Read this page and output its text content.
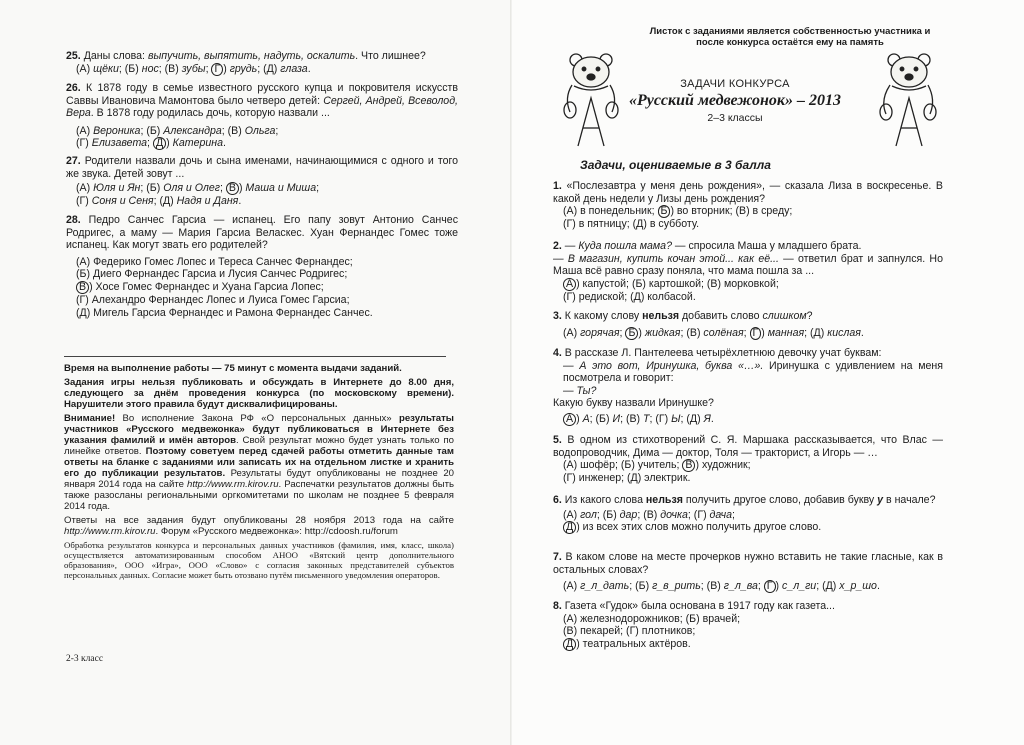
25. Даны слова: выпучить, выпятить, надуть, оскалить. Что лишнее?

(А) щёки; (Б) нос; (В) зубы; Г ) грудь; (Д) глаза.

26. К 1878 году в семье известного русского купца и покровителя искусств Саввы Ивановича Мамонтова было четверо детей: Сергей, Андрей, Всеволод, Вера. В 1878 году родилась дочь, которую назвали ...

(А) Вероника; (Б) Александра; (В) Ольга;

(Г) Елизавета; Д ) Катерина.

27. Родители назвали дочь и сына именами, начинающимися с одного и того же звука. Детей зовут ...

(А) Юля и Ян; (Б) Оля и Олег; В ) Маша и Миша;

(Г) Соня и Сеня; (Д) Надя и Даня.

28. Педро Санчес Гарсиа — испанец. Его папу зовут Антонио Санчес Родригес, а маму — Мария Гарсиа Веласкес. Хуан Фернандес Гомес тоже испанец. Как могут звать его родителей?

(А) Федерико Гомес Лопес и Тереса Санчес Фернандес;

(Б) Диего Фернандес Гарсиа и Лусия Санчес Родригес;

В ) Хосе Гомес Фернандес и Хуана Гарсиа Лопес;

(Г) Алехандро Фернандес Лопес и Луиса Гомес Гарсиа;

(Д) Мигель Гарсиа Фернандес и Рамона Фернандес Санчес.

Время на выполнение работы — 75 минут с момента выдачи заданий.

Задания игры нельзя публиковать и обсуждать в Интернете до 8.00 дня, следующего за днём проведения конкурса (по московскому времени). Нарушители этого правила будут дисквалифицированы.

Внимание! Во исполнение Закона РФ «О персональных данных» результаты участников «Русского медвежонка» будут публиковаться в Интернете без указания фамилий и имён авторов. Свой результат можно будет узнать только по линейке ответов. Поэтому советуем перед сдачей работы отметить данные там ответы на бланке с заданиями или записать их на отдельном листке и хранить его до публикации результатов. Результаты будут опубликованы не позднее 20 января 2014 года на сайте http://www.rm.kirov.ru. Распечатки результатов должны быть также разосланы региональными оргкомитетами по школам не позднее 5 февраля 2014 года.

Ответы на все задания будут опубликованы 28 ноября 2013 года на сайте http://www.rm.kirov.ru. Форум «Русского медвежонка»: http://cdoosh.ru/forum

Обработка результатов конкурса и персональных данных участников (фамилия, имя, класс, школа) осуществляется автоматизированным способом АНОО «Вятский центр дополнительного образования», ООО «Игра», ООО «Слово» с согласия законных представителей субъектов персональных данных. Согласие может быть отозвано путём письменного уведомления операторов.

2-3 класс
Листок с заданиями является собственностью участника и после конкурса остаётся ему на память
ЗАДАЧИ КОНКУРСА
«Русский медвежонок» – 2013
2–3 классы
Задачи, оцениваемые в 3 балла

1. «Послезавтра у меня день рождения», — сказала Лиза в воскресенье. В какой день недели у Лизы день рождения?

(А) в понедельник; Б ) во вторник; (В) в среду;

(Г) в пятницу; (Д) в субботу.

2. — Куда пошла мама? — спросила Маша у младшего брата.

— В магазин, купить кочан этой... как её... — ответил брат и запнулся. Но Маша всё равно сразу поняла, что мама пошла за ...

А ) капустой; (Б) картошкой; (В) морковкой;

(Г) редиской; (Д) колбасой.

3. К какому слову нельзя добавить слово слишком?

(А) горячая; Б ) жидкая; (В) солёная; Г ) манная; (Д) кислая.

4. В рассказе Л. Пантелеева четырёхлетнюю девочку учат буквам:

— А это вот, Иринушка, буква «…». Иринушка с удивлением на меня посмотрела и говорит:

— Ты?

Какую букву назвали Иринушке?

А ) А; (Б) И; (В) Т; (Г) Ы; (Д) Я.

5. В одном из стихотворений С. Я. Маршака рассказывается, что Влас — водопроводчик, Дима — доктор, Толя — тракторист, а Игорь — …

(А) шофёр; (Б) учитель; В ) художник;

(Г) инженер; (Д) электрик.

6. Из какого слова нельзя получить другое слово, добавив букву у в начале?

(А) гол; (Б) дар; (В) дочка; (Г) дача;

Д ) из всех этих слов можно получить другое слово.

7. В каком слове на месте прочерков нужно вставить не такие гласные, как в остальных словах?

(А) г_л_дать; (Б) г_в_рить; (В) г_л_ва; Г ) с_л_ги; (Д) х_р_шо.

8. Газета «Гудок» была основана в 1917 году как газета...

(А) железнодорожников; (Б) врачей;

(В) пекарей; (Г) плотников;

Д ) театральных актёров.
